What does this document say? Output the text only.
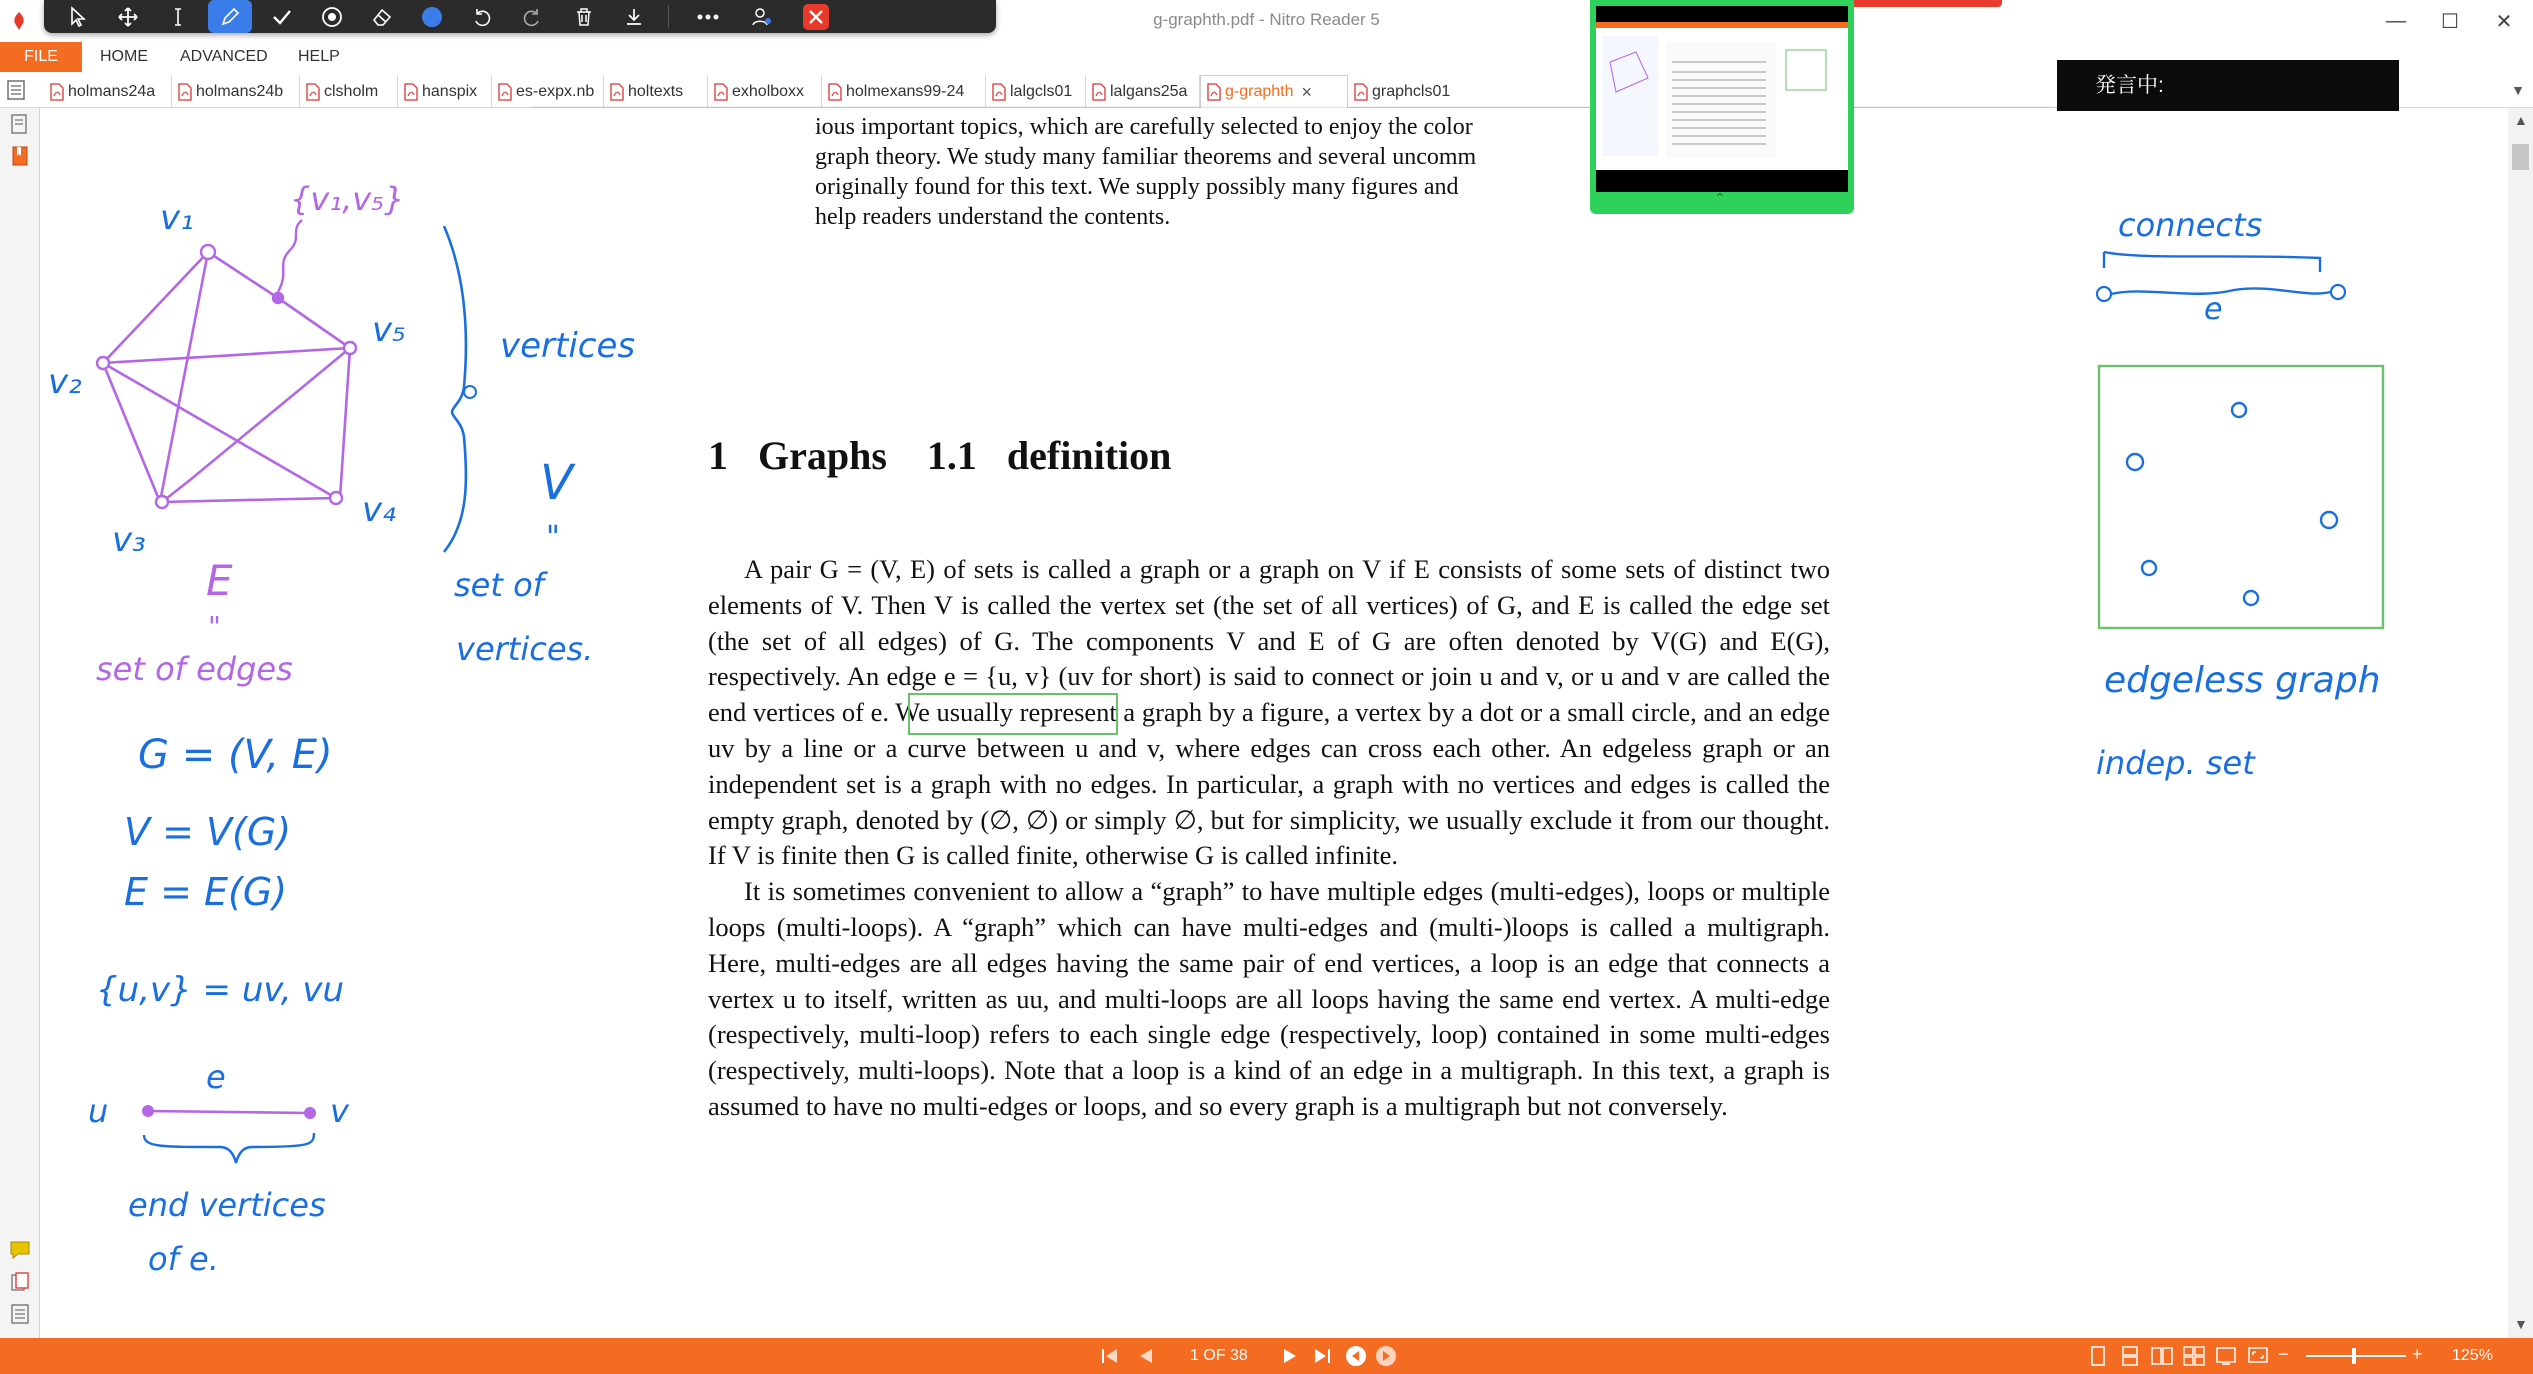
g-graphth.pdf - Nitro Reader 5	—	☐	✕
FILE	HOME	ADVANCED	HELP
holmans24a	holmans24b	clsholm	hanspix es-expx.nb holtexts	exholboxx	holmexans99-24	lalgcls01 lalgans25a g-graphth ×	graphcls01	▼
ious important topics, which are carefully selected to enjoy the color
graph theory. We study many familiar theorems and several uncomm
originally found for this text. We supply possibly many figures and
help readers understand the contents.
1   Graphs    1.1   definition

A pair G = (V, E) of sets is called a graph or a graph on V if E consists of some sets of distinct two elements of V. Then V is called the vertex set (the set of all vertices) of G, and E is called the edge set (the set of all edges) of G. The components V and E of G are often denoted by V(G) and E(G), respectively. An edge e = {u, v} (uv for short) is said to connect or join u and v, or u and v are called the end vertices of e. We usually represent a graph by a figure, a vertex by a dot or a small circle, and an edge uv by a line or a curve between u and v, where edges can cross each other. An edgeless graph or an independent set is a graph with no edges. In particular, a graph with no vertices and edges is called the empty graph, denoted by (∅, ∅) or simply ∅, but for simplicity, we usually exclude it from our thought. If V is finite then G is called finite, otherwise G is called infinite.

It is sometimes convenient to allow a “graph” to have multiple edges (multi-edges), loops or multiple loops (multi-loops). A “graph” which can have multi-edges and (multi-)loops is called a multigraph. Here, multi-edges are all edges having the same pair of end vertices, a loop is an edge that connects a vertex u to itself, written as uu, and multi-loops are all loops having the same end vertex. A multi-edge (respectively, multi-loop) refers to each single edge (respectively, loop) contained in some multi-edges (respectively, multi-loops). Note that a loop is a kind of an edge in a multigraph. In this text, a graph is assumed to have no multi-edges or loops, and so every graph is a multigraph but not conversely.

v₁
v₂
v₃
v₄
v₅
{v₁,v₅}
vertices
V
"
set of
vertices.
E
"
set of edges
G = (V, E)
V = V(G)
E = E(G)
{u,v} = uv, vu
u	v
e
end vertices
of e.
connects
e
edgeless graph
indep. set
▲
▼
⌃
発言中:
1 OF 38	−	+ 125%
